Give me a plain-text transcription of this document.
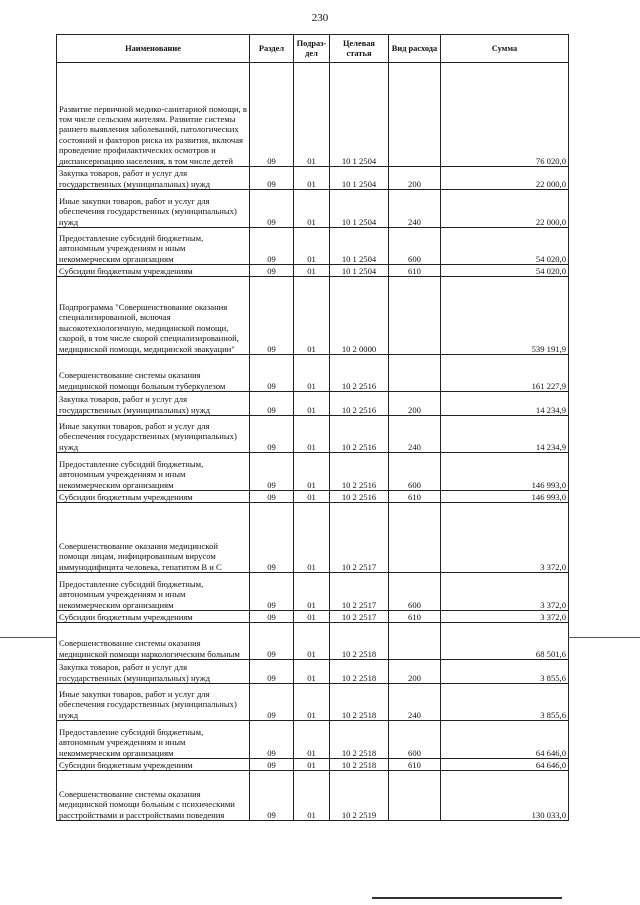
230
Наименование	Раздел	Подраз-дел	Целевая статья	Вид расхода	Сумма
Развитие первичной медико-санитарной помощи, в том числе сельским жителям. Развитие системы раннего выявления заболеваний, патологических состояний и факторов риска их развития, включая проведение профилактических осмотров и диспансеризацию населения, в том числе детей	09	01	10 1 2504		76 020,0
Закупка товаров, работ и услуг для государственных (муниципальных) нужд	09	01	10 1 2504	200	22 000,0
Иные закупки товаров, работ и услуг для обеспечения государственных (муниципальных) нужд	09	01	10 1 2504	240	22 000,0
Предоставление субсидий бюджетным, автономным учреждениям и иным некоммерческим организациям	09	01	10 1 2504	600	54 020,0
Субсидии бюджетным учреждениям	09	01	10 1 2504	610	54 020,0
Подпрограмма "Совершенствование оказания специализированной, включая высокотехнологичную, медицинской помощи, скорой, в том числе скорой специализированной, медицинской помощи, медицинской эвакуации"	09	01	10 2 0000		539 191,9
Совершенствование системы оказания медицинской помощи больным туберкулезом	09	01	10 2 2516		161 227,9
Закупка товаров, работ и услуг для государственных (муниципальных) нужд	09	01	10 2 2516	200	14 234,9
Иные закупки товаров, работ и услуг для обеспечения государственных (муниципальных) нужд	09	01	10 2 2516	240	14 234,9
Предоставление субсидий бюджетным, автономным учреждениям и иным некоммерческим организациям	09	01	10 2 2516	600	146 993,0
Субсидии бюджетным учреждениям	09	01	10 2 2516	610	146 993,0
Совершенствование оказания медицинской помощи лицам, инфицированным вирусом иммунодифицита человека, гепатитом В и С	09	01	10 2 2517		3 372,0
Предоставление субсидий бюджетным, автономным учреждениям и иным некоммерческим организациям	09	01	10 2 2517	600	3 372,0
Субсидии бюджетным учреждениям	09	01	10 2 2517	610	3 372,0
Совершенствование системы оказания медицинской помощи наркологическим больным	09	01	10 2 2518		68 501,6
Закупка товаров, работ и услуг для государственных (муниципальных) нужд	09	01	10 2 2518	200	3 855,6
Иные закупки товаров, работ и услуг для обеспечения государственных (муниципальных) нужд	09	01	10 2 2518	240	3 855,6
Предоставление субсидий бюджетным, автономным учреждениям и иным некоммерческим организациям	09	01	10 2 2518	600	64 646,0
Субсидии бюджетным учреждениям	09	01	10 2 2518	610	64 646,0
Совершенствование системы оказания медицинской помощи больным с психическими расстройствами и расстройствами поведения	09	01	10 2 2519		130 033,0
